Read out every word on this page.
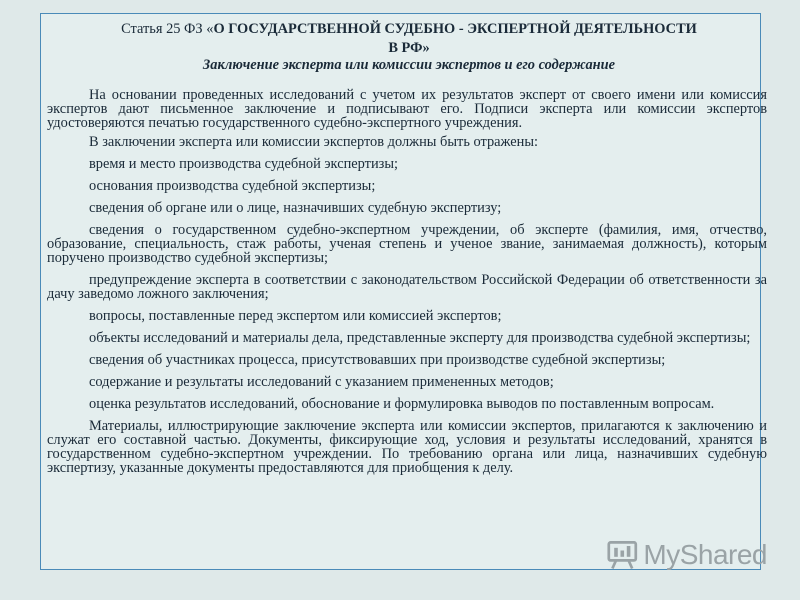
Статья 25 ФЗ «О ГОСУДАРСТВЕННОЙ СУДЕБНО - ЭКСПЕРТНОЙ ДЕЯТЕЛЬНОСТИ
В РФ»
Заключение эксперта или комиссии экспертов и его содержание

На основании проведенных исследований с учетом их результатов эксперт от своего имени или комиссия экспертов дают письменное заключение и подписывают его. Подписи эксперта или комиссии экспертов удостоверяются печатью государственного судебно-экспертного учреждения.

В заключении эксперта или комиссии экспертов должны быть отражены:

время и место производства судебной экспертизы;

основания производства судебной экспертизы;

сведения об органе или о лице, назначивших судебную экспертизу;

сведения о государственном судебно-экспертном учреждении, об эксперте (фамилия, имя, отчество, образование, специальность, стаж работы, ученая степень и ученое звание, занимаемая должность), которым поручено производство судебной экспертизы;

предупреждение эксперта в соответствии с законодательством Российской Федерации об ответственности за дачу заведомо ложного заключения;

вопросы, поставленные перед экспертом или комиссией экспертов;

объекты исследований и материалы дела, представленные эксперту для производства судебной экспертизы;

сведения об участниках процесса, присутствовавших при производстве судебной экспертизы;

содержание и результаты исследований с указанием примененных методов;

оценка результатов исследований, обоснование и формулировка выводов по поставленным вопросам.

Материалы, иллюстрирующие заключение эксперта или комиссии экспертов, прилагаются к заключению и служат его составной частью. Документы, фиксирующие ход, условия и результаты исследований, хранятся в государственном судебно-экспертном учреждении. По требованию органа или лица, назначивших судебную экспертизу, указанные документы предоставляются для приобщения к делу.

MyShared
